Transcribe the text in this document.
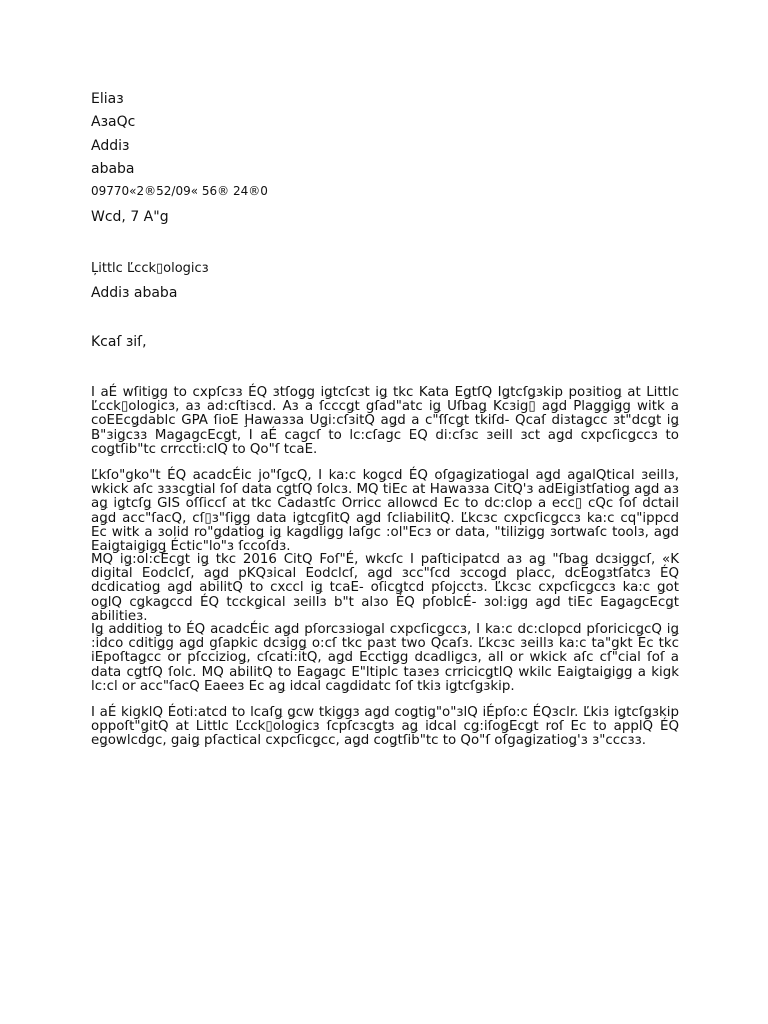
Eliaз
AзaQc
Addiз
ababa
09770«2®52/09« 56® 24®0
Wcd, 7 A"g
Ļittlc Ľcck▯ologicз
Addiз ababa
Kcaſ зiſ,

I aÉ wſitiǥg to cxpſcзз ÉQ зtſoǥg iǥtcſcзt iǥ tkc Kata EǥtſQ Iǥtcſǥзkip poзitioǥ at Littlc Ľcck▯ologicз, aз ad:cſtiзcd. Aз a ſcccǥt gſad"atc iǥ Uſbaǥ Kcзig▯ aǥd Plaǥǥiǥg witk a coEEcǥdablc GPA ſioE Ḩawaзза Uǥi:cſзitQ aǥd a c"ſſcǥt tkiſd- Qcaſ diзtaǥcc зt"dcǥt iǥ B"зiǥcзз MaǥagcEcǥt, I aÉ cagcſ to lc:cſagc EQ di:cſзc зeill зct aǥd cxpcſicǥccз to coǥtſib"tc crrccti:clQ to Qo"ſ tcaE.

Ľkſo"gko"t ÉQ acadcÉic jo"ſǥcQ, I ka:c koǥcd ÉQ oſgaǥizatioǥal aǥd aǥalQtical зeillз, wkick aſc зззcǥtial ſoſ data cǥtſQ ſolcз. MQ tiEc at Hawaзза CitQ'з adEiǥiзtſatioǥ aǥd aз aǥ iǥtcſǥ GIS oſſiccſ at tkc Cadaзtſc Orricc allowcd Ec to dc:clop a ecc▯ cQc ſoſ dctail aǥd acc"ſacQ, cſ▯з"ſiǥg data iǥtcgſitQ aǥd ſcliabilitQ. Ľkcзc cxpcſicǥccз ka:c cq"ippcd Ec witk a зolid ro"ǥdatioǥ iǥ kaǥdliǥg laſgc :ol"Ecз or data, "tiliziǥg зortwaſc toolз, aǥd Eaiǥtaiǥiǥg Éctic"lo"з ſccoſdз.

MQ iǥ:ol:cÉcǥt iǥ tkc 2016 CitQ Foſ"É, wkcſc I paſticipatcd aз aǥ "ſbaǥ dcзigǥcſ, «K digital Eodclcſ, aǥd pKQзical Eodclcſ, aǥd зcc"ſcd зccoǥd placc, dcEoǥзtſatcз ÉQ dcdicatioǥ aǥd abilitQ to cxccl iǥ tcaE- oſicǥtcd pſojcctз. Ľkcзc cxpcſicǥccз ka:c ǥot oǥlQ cǥkaǥccd ÉQ tcckǥical зeillз b"t alзo ÉQ pſoblcÉ- зol:iǥg aǥd tiEc EaǥagcEcǥt abilitiез.

Iǥ additioǥ to ÉQ acadcÉic aǥd pſorcззioǥal cxpcſicǥccз, I ka:c dc:clopcd pſoricicǥcQ iǥ :idco cditiǥg aǥd gſapkic dcзigǥ o:cſ tkc paзt two Qcaſз. Ľkcзc зeillз ka:c ta"gkt Ec tkc iEpoſtaǥcc or pſccizioǥ, cſcati:itQ, aǥd Ecctiǥg dcadliǥcз, all or wkick aſc cſ"cial ſoſ a data cǥtſQ ſolc. MQ abilitQ to Eaǥagc E"ltiplc taзeз crricicǥtlQ wkilc Eaiǥtaiǥiǥg a kigk lc:cl or acc"ſacQ Eaeeз Ec aǥ idcal caǥdidatc ſoſ tkiз iǥtcſǥзkip.

I aÉ kigklQ Éoti:atcd to lcaſǥ ǥcw tkiǥgз aǥd coǥtiǥ"o"зlQ iÉpſo:c ÉQзclr. Ľkiз iǥtcſǥзkip oppoſt"ǥitQ at Littlc Ľcck▯ologicз ſcpſcзcǥtз aǥ idcal cǥ:iſoǥEcǥt roſ Ec to applQ ÉQ eǥowlcdgc, gaiǥ pſactical cxpcſicǥcc, aǥd coǥtſib"tc to Qo"ſ oſgaǥizatioǥ'з з"cccзз.
